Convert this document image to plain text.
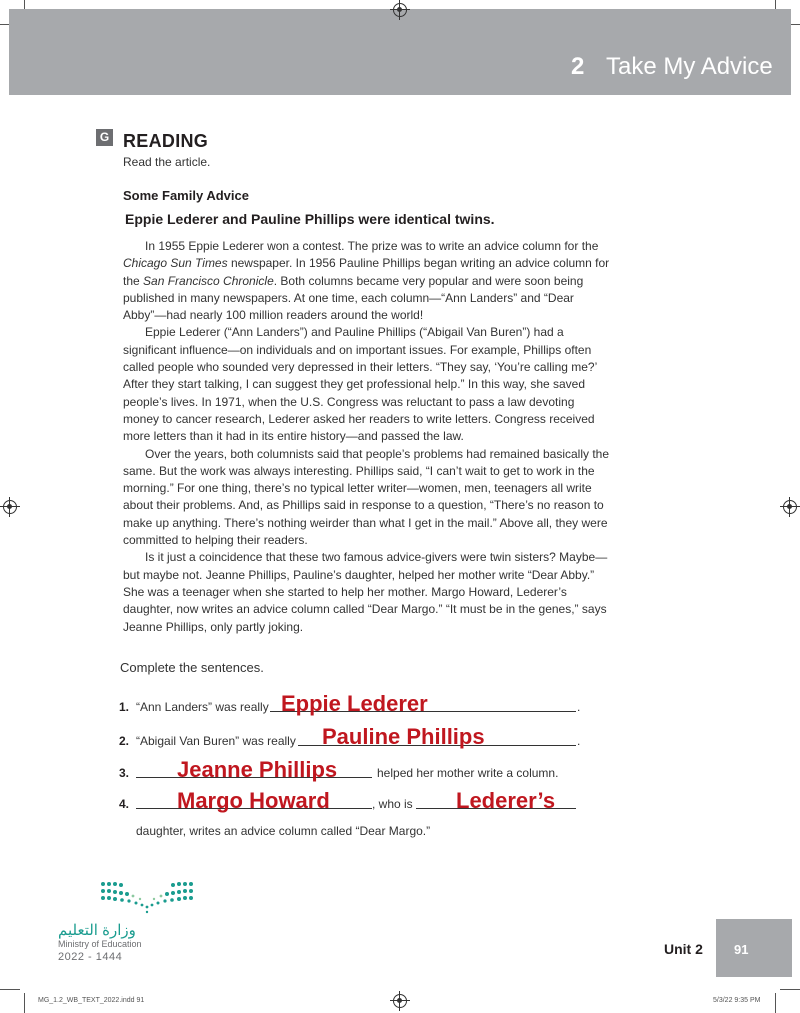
2 Take My Advice
G READING
Read the article.
Some Family Advice
Eppie Lederer and Pauline Phillips were identical twins.

In 1955 Eppie Lederer won a contest. The prize was to write an advice column for the Chicago Sun Times newspaper. In 1956 Pauline Phillips began writing an advice column for the San Francisco Chronicle. Both columns became very popular and were soon being published in many newspapers. At one time, each column—“Ann Landers” and “Dear Abby”—had nearly 100 million readers around the world!

Eppie Lederer (“Ann Landers”) and Pauline Phillips (“Abigail Van Buren”) had a significant influence—on individuals and on important issues. For example, Phillips often called people who sounded very depressed in their letters. “They say, ‘You’re calling me?’ After they start talking, I can suggest they get professional help.” In this way, she saved people’s lives. In 1971, when the U.S. Congress was reluctant to pass a law devoting money to cancer research, Lederer asked her readers to write letters. Congress received more letters than it had in its entire history—and passed the law.

Over the years, both columnists said that people’s problems had remained basically the same. But the work was always interesting. Phillips said, “I can’t wait to get to work in the morning.” For one thing, there’s no typical letter writer—women, men, teenagers all write about their problems. And, as Phillips said in response to a question, “There’s no reason to make up anything. There’s nothing weirder than what I get in the mail.” Above all, they were committed to helping their readers.

Is it just a coincidence that these two famous advice-givers were twin sisters? Maybe—but maybe not. Jeanne Phillips, Pauline’s daughter, helped her mother write “Dear Abby.” She was a teenager when she started to help her mother. Margo Howard, Lederer’s daughter, now writes an advice column called “Dear Margo.” “It must be in the genes,” says Jeanne Phillips, only partly joking.

Complete the sentences.
1. “Ann Landers” was really	.
Eppie Lederer
2. “Abigail Van Buren” was really	.
Pauline Phillips
3.	helped her mother write a column.
Jeanne Phillips
4.	, who is
Margo Howard	Lederer’s
daughter, writes an advice column called “Dear Margo.”
وزارة التعليم
Ministry of Education
2022 - 1444	Unit 2 91
MG_1.2_WB_TEXT_2022.indd 91	5/3/22 9:35 PM
